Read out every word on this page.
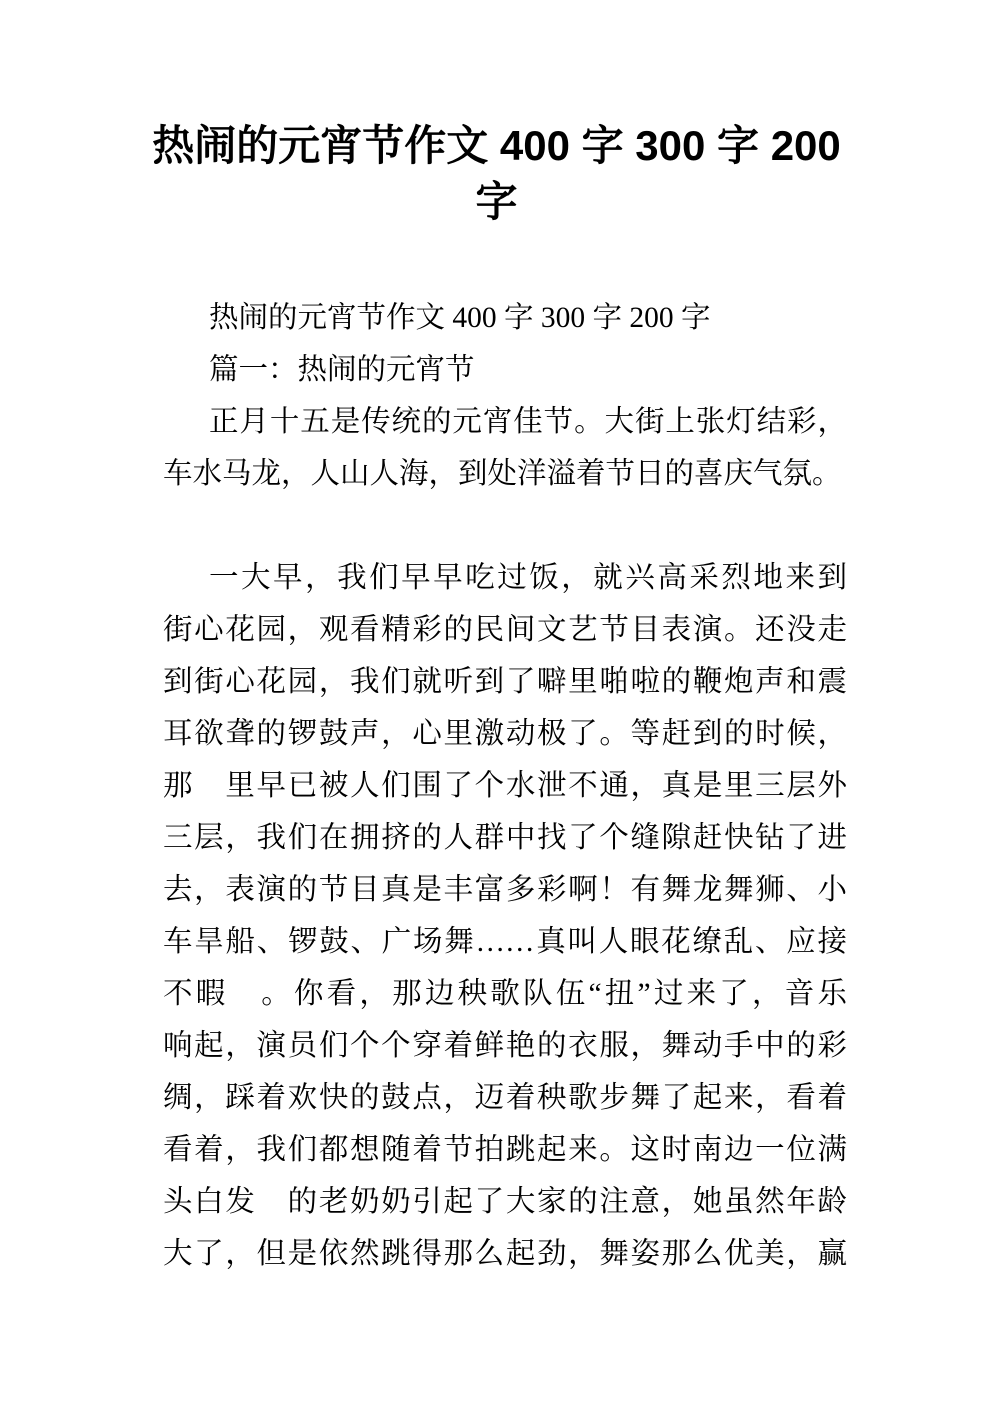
热闹的元宵节作文 400 字 300 字 200
字

热闹的元宵节作文 400 字 300 字 200 字

篇一：热闹的元宵节

正月十五是传统的元宵佳节。大街上张灯结彩，
车水马龙，人山人海，到处洋溢着节日的喜庆气氛。

一大早，我们早早吃过饭，就兴高采烈地来到
街心花园，观看精彩的民间文艺节目表演。还没走
到街心花园，我们就听到了噼里啪啦的鞭炮声和震
耳欲聋的锣鼓声，心里激动极了。等赶到的时候，
那　里早已被人们围了个水泄不通，真是里三层外
三层，我们在拥挤的人群中找了个缝隙赶快钻了进
去，表演的节目真是丰富多彩啊！有舞龙舞狮、小
车旱船、锣鼓、广场舞……真叫人眼花缭乱、应接
不暇　。你看，那边秧歌队伍“扭”过来了，音乐
响起，演员们个个穿着鲜艳的衣服，舞动手中的彩
绸，踩着欢快的鼓点，迈着秧歌步舞了起来，看着
看着，我们都想随着节拍跳起来。这时南边一位满
头白发　的老奶奶引起了大家的注意，她虽然年龄
大了，但是依然跳得那么起劲，舞姿那么优美，赢
